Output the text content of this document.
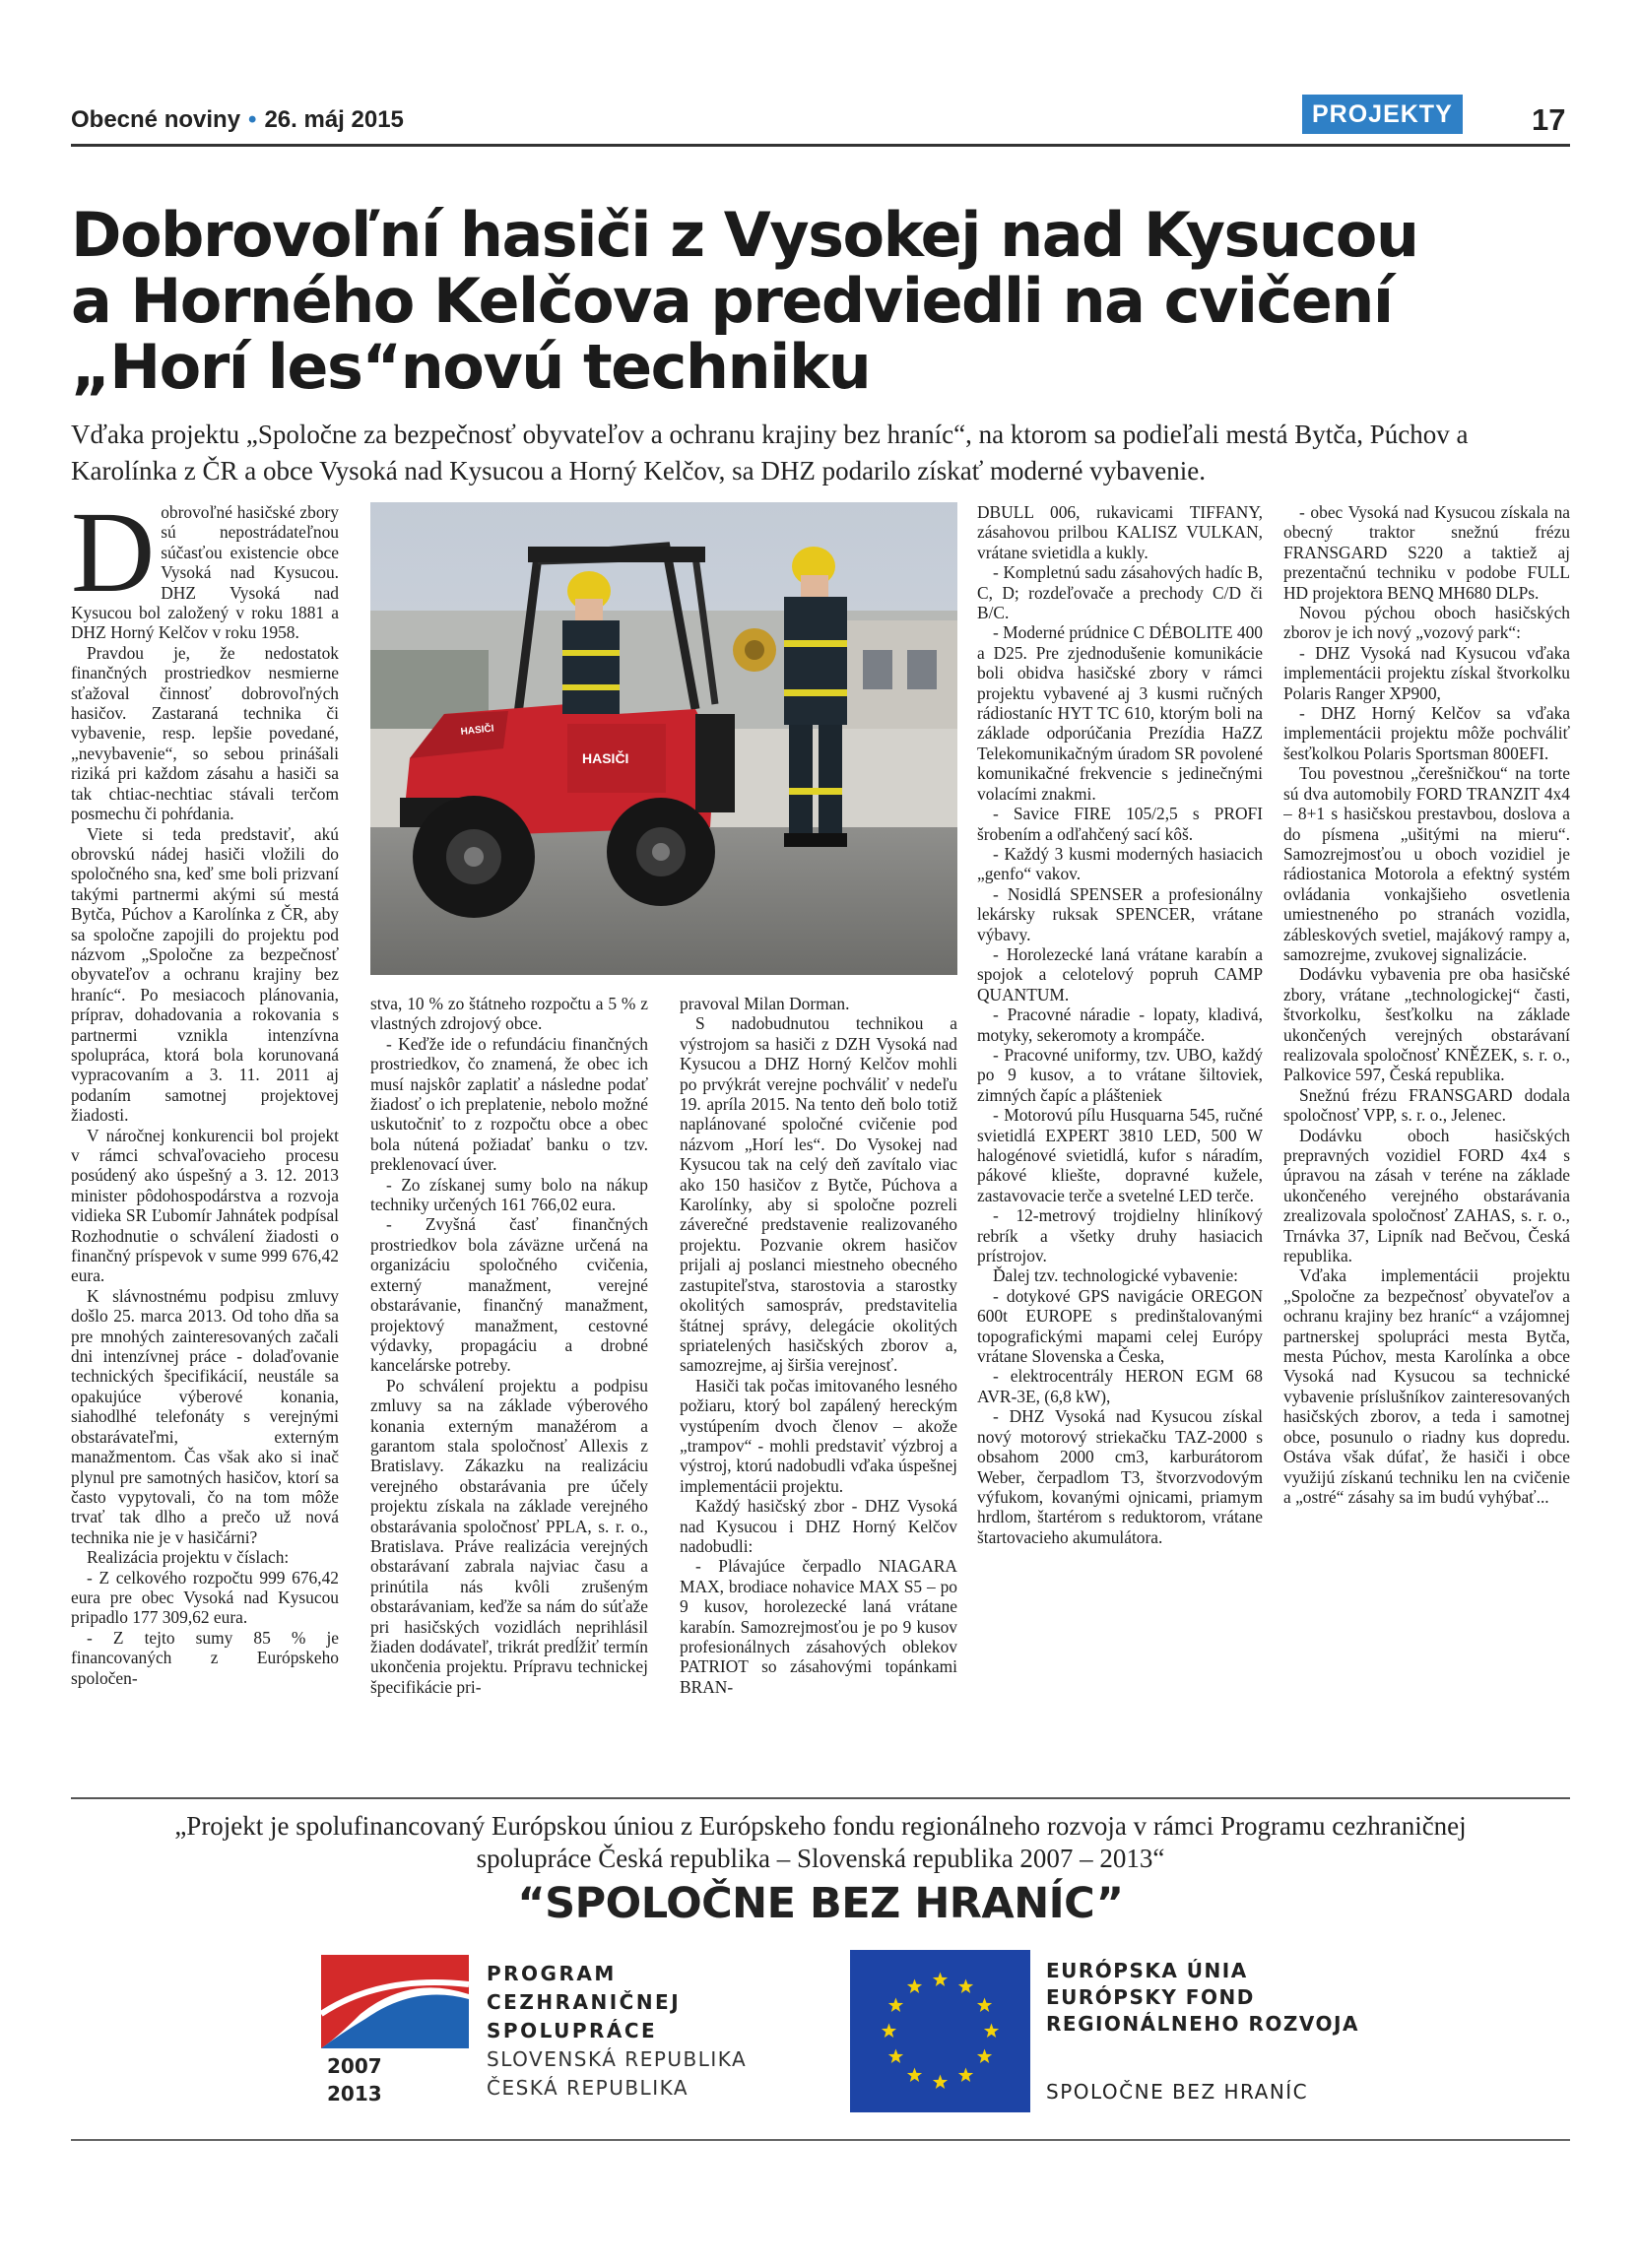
Obecné noviny • 26. máj 2015	PROJEKTY	17
Dobrovoľní hasiči z Vysokej nad Kysucou
a Horného Kelčova predviedli na cvičení
„Horí les“novú techniku
Vďaka projektu „Spoločne za bezpečnosť obyvateľov a ochranu krajiny bez hraníc“, na ktorom sa podieľali mestá Bytča, Púchov a Karolínka z ČR a obce Vysoká nad Kysucou a Horný Kelčov, sa DHZ podarilo získať moderné vybavenie.
D obrovoľné hasičské zbory sú nepostrádateľnou súčasťou existencie obce Vysoká nad Kysucou. DHZ Vysoká nad Kysucou bol založený v roku 1881 a DHZ Horný Kelčov v roku 1958.

Pravdou je, že nedostatok finančných prostriedkov nesmierne sťažoval činnosť dobrovoľných hasičov. Zastaraná technika či vybavenie, resp. lepšie povedané, „nevybavenie“, so sebou prinášali riziká pri každom zásahu a hasiči sa tak chtiac-nechtiac stávali terčom posmechu či pohŕdania.

Viete si teda predstaviť, akú obrovskú nádej hasiči vložili do spoločného sna, keď sme boli prizvaní takými partnermi akými sú mestá Bytča, Púchov a Karolínka z ČR, aby sa spoločne zapojili do projektu pod názvom „Spoločne za bezpečnosť obyvateľov a ochranu krajiny bez hraníc“. Po mesiacoch plánovania, príprav, dohadovania a rokovania s partnermi vznikla intenzívna spolupráca, ktorá bola korunovaná vypracovaním a 3. 11. 2011 aj podaním samotnej projektovej žiadosti.

V náročnej konkurencii bol projekt v rámci schvaľovacieho procesu posúdený ako úspešný a 3. 12. 2013 minister pôdohospodárstva a rozvoja vidieka SR Ľubomír Jahnátek podpísal Rozhodnutie o schválení žiadosti o finančný príspevok v sume 999 676,42 eura.

K slávnostnému podpisu zmluvy došlo 25. marca 2013. Od toho dňa sa pre mnohých zainteresovaných začali dni intenzívnej práce - dolaďovanie technických špecifikácií, neustále sa opakujúce výberové konania, siahodlhé telefonáty s verejnými obstarávateľmi, externým manažmentom. Čas však ako si inač plynul pre samotných hasičov, ktorí sa často vypytovali, čo na tom môže trvať tak dlho a prečo už nová technika nie je v hasičárni?

Realizácia projektu v číslach:

- Z celkového rozpočtu 999 676,42 eura pre obec Vysoká nad Kysucou pripadlo 177 309,62 eura.

- Z tejto sumy 85 % je financovaných z Európskeho spoločen-

HASIČI
HASIČI

stva, 10 % zo štátneho rozpočtu a 5 % z vlastných zdrojový obce.

- Keďže ide o refundáciu finančných prostriedkov, čo znamená, že obec ich musí najskôr zaplatiť a následne podať žiadosť o ich preplatenie, nebolo možné uskutočniť to z rozpočtu obce a obec bola nútená požiadať banku o tzv. preklenovací úver.

- Zo získanej sumy bolo na nákup techniky určených 161 766,02 eura.

- Zvyšná časť finančných prostriedkov bola záväzne určená na organizáciu spoločného cvičenia, externý manažment, verejné obstarávanie, finančný manažment, projektový manažment, cestovné výdavky, propagáciu a drobné kancelárske potreby.

Po schválení projektu a podpisu zmluvy sa na základe výberového konania externým manažérom a garantom stala spoločnosť Allexis z Bratislavy. Zákazku na realizáciu verejného obstarávania pre účely projektu získala na základe verejného obstarávania spoločnosť PPLA, s. r. o., Bratislava. Práve realizácia verejných obstarávaní zabrala najviac času a prinútila nás kvôli zrušeným obstarávaniam, keďže sa nám do súťaže pri hasičských vozidlách neprihlásil žiaden dodávateľ, trikrát predĺžiť termín ukončenia projektu. Prípravu technickej špecifikácie pri-

pravoval Milan Dorman.

S nadobudnutou technikou a výstrojom sa hasiči z DZH Vysoká nad Kysucou a DHZ Horný Kelčov mohli po prvýkrát verejne pochváliť v nedeľu 19. apríla 2015. Na tento deň bolo totiž naplánované spoločné cvičenie pod názvom „Horí les“. Do Vysokej nad Kysucou tak na celý deň zavítalo viac ako 150 hasičov z Bytče, Púchova a Karolínky, aby si spoločne pozreli záverečné predstavenie realizovaného projektu. Pozvanie okrem hasičov prijali aj poslanci miestneho obecného zastupiteľstva, starostovia a starostky okolitých samospráv, predstavitelia štátnej správy, delegácie okolitých spriatelených hasičských zborov a, samozrejme, aj širšia verejnosť.

Hasiči tak počas imitovaného lesného požiaru, ktorý bol zapálený hereckým vystúpením dvoch členov – akože „trampov“ - mohli predstaviť výzbroj a výstroj, ktorú nadobudli vďaka úspešnej implementácii projektu.

Každý hasičský zbor - DHZ Vysoká nad Kysucou i DHZ Horný Kelčov nadobudli:

- Plávajúce čerpadlo NIAGARA MAX, brodiace nohavice MAX S5 – po 9 kusov, horolezecké laná vrátane karabín. Samozrejmosťou je po 9 kusov profesionálnych zásahových oblekov PATRIOT so zásahovými topánkami BRAN-

DBULL 006, rukavicami TIFFANY, zásahovou prilbou KALISZ VULKAN, vrátane svietidla a kukly.

- Kompletnú sadu zásahových hadíc B, C, D; rozdeľovače a prechody C/D či B/C.

- Moderné prúdnice C DÉBOLITE 400 a D25. Pre zjednodušenie komunikácie boli obidva hasičské zbory v rámci projektu vybavené aj 3 kusmi ručných rádiostaníc HYT TC 610, ktorým boli na základe odporúčania Prezídia HaZZ Telekomunikačným úradom SR povolené komunikačné frekvencie s jedinečnými volacími znakmi.

- Savice FIRE 105/2,5 s PROFI šrobením a odľahčený sací kôš.

- Každý 3 kusmi moderných hasiacich „genfo“ vakov.

- Nosidlá SPENSER a profesionálny lekársky ruksak SPENCER, vrátane výbavy.

- Horolezecké laná vrátane karabín a spojok a celotelový popruh CAMP QUANTUM.

- Pracovné náradie - lopaty, kladivá, motyky, sekeromoty a krompáče.

- Pracovné uniformy, tzv. UBO, každý po 9 kusov, a to vrátane šiltoviek, zimných čapíc a plášteniek

- Motorovú pílu Husquarna 545, ručné svietidlá EXPERT 3810 LED, 500 W halogénové svietidlá, kufor s náradím, pákové kliešte, dopravné kužele, zastavovacie terče a svetelné LED terče.

- 12-metrový trojdielny hliníkový rebrík a všetky druhy hasiacich prístrojov.

Ďalej tzv. technologické vybavenie:

- dotykové GPS navigácie OREGON 600t EUROPE s predinštalovanými topografickými mapami celej Európy vrátane Slovenska a Česka,

- elektrocentrály HERON EGM 68 AVR-3E, (6,8 kW),

- DHZ Vysoká nad Kysucou získal nový motorový striekačku TAZ-2000 s obsahom 2000 cm3, karburátorom Weber, čerpadlom T3, štvorzvodovým výfukom, kovanými ojnicami, priamym hrdlom, štartérom s reduktorom, vrátane štartovacieho akumulátora.

- obec Vysoká nad Kysucou získala na obecný traktor snežnú frézu FRANSGARD S220 a taktiež aj prezentačnú techniku v podobe FULL HD projektora BENQ MH680 DLPs.

Novou pýchou oboch hasičských zborov je ich nový „vozový park“:

- DHZ Vysoká nad Kysucou vďaka implementácii projektu získal štvorkolku Polaris Ranger XP900,

- DHZ Horný Kelčov sa vďaka implementácii projektu môže pochváliť šesťkolkou Polaris Sportsman 800EFI.

Tou povestnou „čerešničkou“ na torte sú dva automobily FORD TRANZIT 4x4 – 8+1 s hasičskou prestavbou, doslova a do písmena „ušitými na mieru“. Samozrejmosťou u oboch vozidiel je rádiostanica Motorola a efektný systém ovládania vonkajšieho osvetlenia umiestneného po stranách vozidla, zábleskových svetiel, majákový rampy a, samozrejme, zvukovej signalizácie.

Dodávku vybavenia pre oba hasičské zbory, vrátane „technologickej“ časti, štvorkolku, šesťkolku na základe ukončených verejných obstarávaní realizovala spoločnosť KNĚZEK, s. r. o., Palkovice 597, Česká republika.

Snežnú frézu FRANSGARD dodala spoločnosť VPP, s. r. o., Jelenec.

Dodávku oboch hasičských prepravných vozidiel FORD 4x4 s úpravou na zásah v teréne na základe ukončeného verejného obstarávania zrealizovala spoločnosť ZAHAS, s. r. o., Trnávka 37, Lipník nad Bečvou, Česká republika.

Vďaka implementácii projektu „Spoločne za bezpečnosť obyvateľov a ochranu krajiny bez hraníc“ a vzájomnej partnerskej spolupráci mesta Bytča, mesta Púchov, mesta Karolínka a obce Vysoká nad Kysucou sa technické vybavenie príslušníkov zainteresovaných hasičských zborov, a teda i samotnej obce, posunulo o riadny kus dopredu. Ostáva však dúfať, že hasiči i obce využijú získanú techniku len na cvičenie a „ostré“ zásahy sa im budú vyhýbať...

„Projekt je spolufinancovaný Európskou úniou z Európskeho fondu regionálneho rozvoja v rámci Programu cezhraničnej
spolupráce Česká republika – Slovenská republika 2007 – 2013“
“SPOLOČNE BEZ HRANÍC”
2007
2013
PROGRAM
CEZHRANIČNEJ
SPOLUPRÁCE
SLOVENSKÁ REPUBLIKA
ČESKÁ REPUBLIKA
EURÓPSKA ÚNIA
EURÓPSKY FOND
REGIONÁLNEHO ROZVOJA
SPOLOČNE BEZ HRANÍC
